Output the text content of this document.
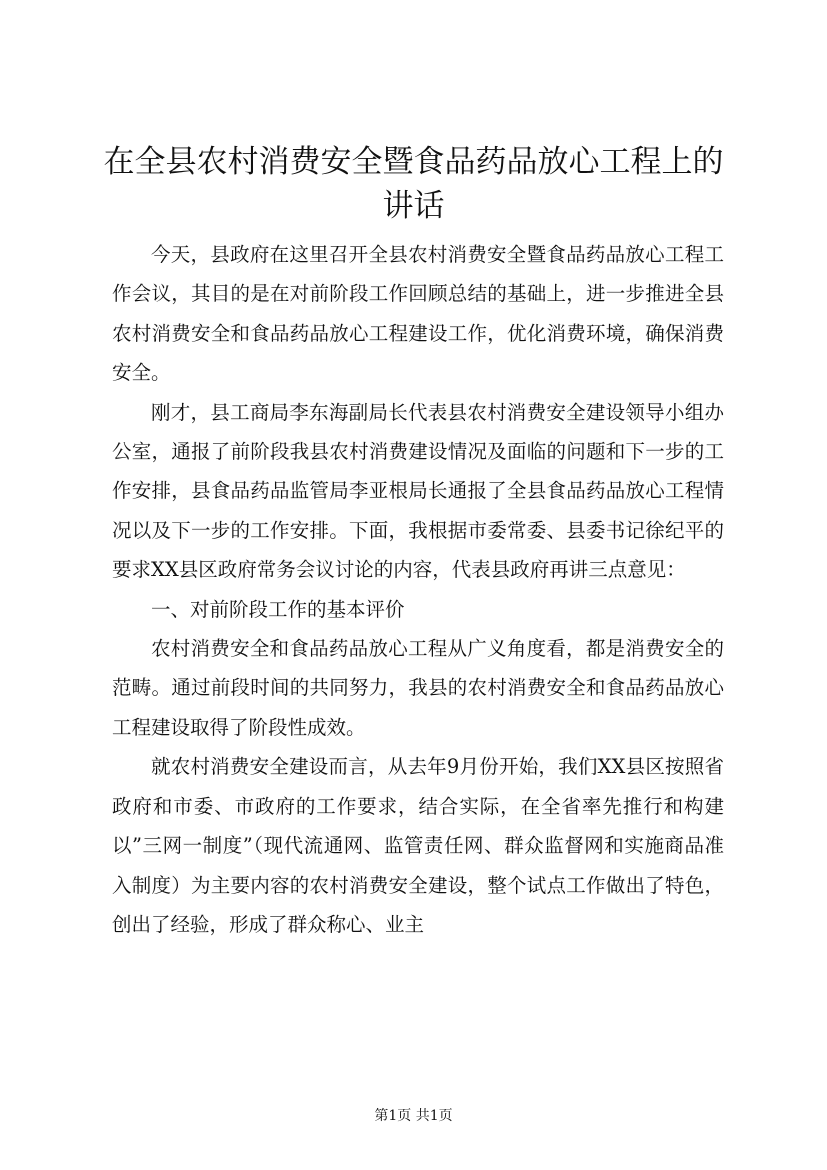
在全县农村消费安全暨食品药品放心工程上的讲话

今天，县政府在这里召开全县农村消费安全暨食品药品放心工程工作会议，其目的是在对前阶段工作回顾总结的基础上，进一步推进全县农村消费安全和食品药品放心工程建设工作，优化消费环境，确保消费安全。

刚才，县工商局李东海副局长代表县农村消费安全建设领导小组办公室，通报了前阶段我县农村消费建设情况及面临的问题和下一步的工作安排，县食品药品监管局李亚根局长通报了全县食品药品放心工程情况以及下一步的工作安排。下面，我根据市委常委、县委书记徐纪平的要求XX县区政府常务会议讨论的内容，代表县政府再讲三点意见：

一、对前阶段工作的基本评价

农村消费安全和食品药品放心工程从广义角度看，都是消费安全的范畴。通过前段时间的共同努力，我县的农村消费安全和食品药品放心工程建设取得了阶段性成效。

就农村消费安全建设而言，从去年9月份开始，我们XX县区按照省政府和市委、市政府的工作要求，结合实际，在全省率先推行和构建以”三网一制度”（现代流通网、监管责任网、群众监督网和实施商品准入制度）为主要内容的农村消费安全建设，整个试点工作做出了特色，创出了经验，形成了群众称心、业主

第1页 共1页
